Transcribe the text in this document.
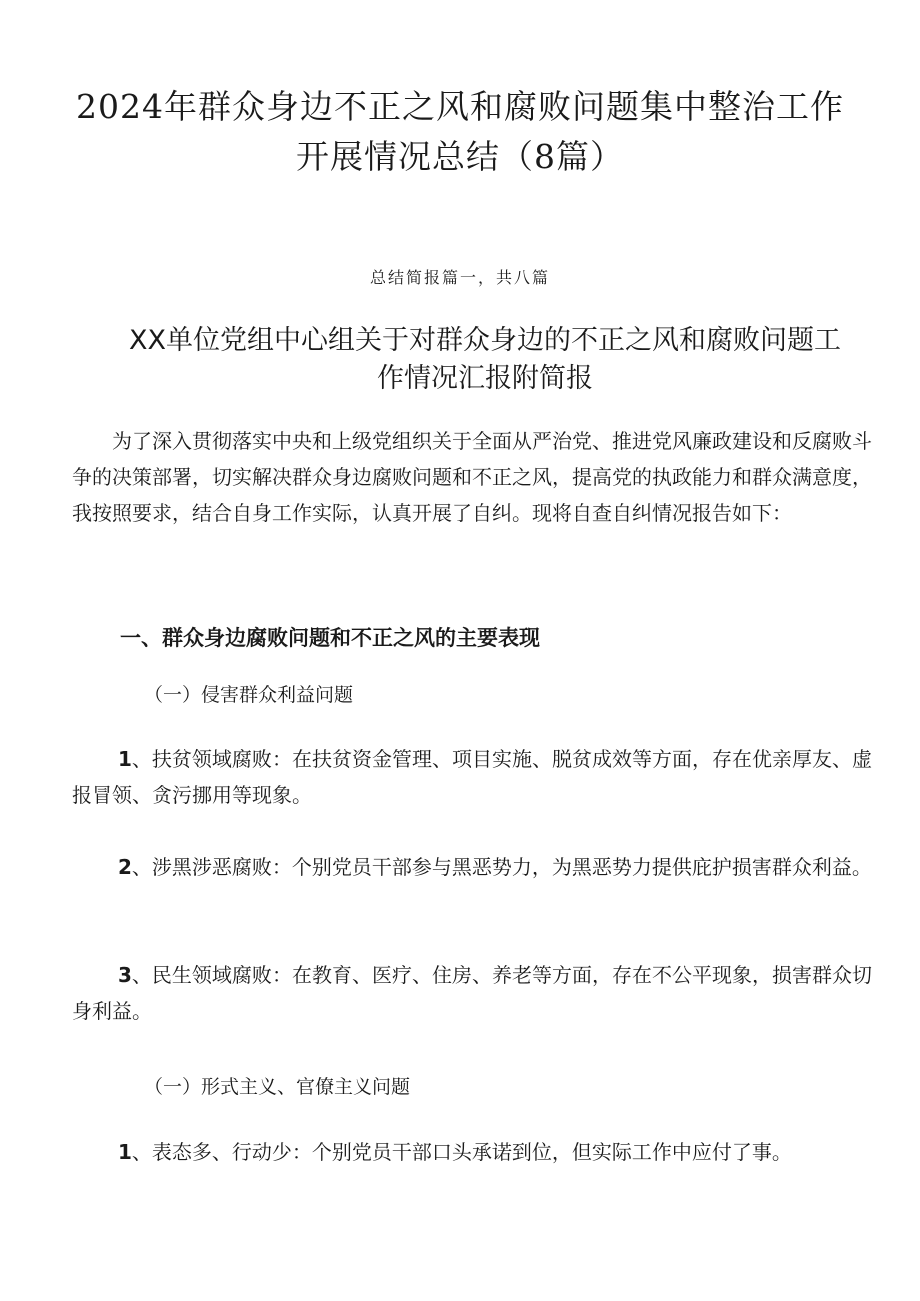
2024年群众身边不正之风和腐败问题集中整治工作
开展情况总结（8篇）
总结简报篇一，共八篇
XX单位党组中心组关于对群众身边的不正之风和腐败问题工
作情况汇报附简报

为了深入贯彻落实中央和上级党组织关于全面从严治党、推进党风廉政建设和反腐败斗争的决策部署，切实解决群众身边腐败问题和不正之风，提高党的执政能力和群众满意度，我按照要求，结合自身工作实际，认真开展了自纠。现将自查自纠情况报告如下：

一、群众身边腐败问题和不正之风的主要表现
（一）侵害群众利益问题

1、扶贫领域腐败：在扶贫资金管理、项目实施、脱贫成效等方面，存在优亲厚友、虚报冒领、贪污挪用等现象。

2、涉黑涉恶腐败：个别党员干部参与黑恶势力，为黑恶势力提供庇护损害群众利益。

3、民生领域腐败：在教育、医疗、住房、养老等方面，存在不公平现象，损害群众切身利益。

（一）形式主义、官僚主义问题

1、表态多、行动少：个别党员干部口头承诺到位，但实际工作中应付了事。
